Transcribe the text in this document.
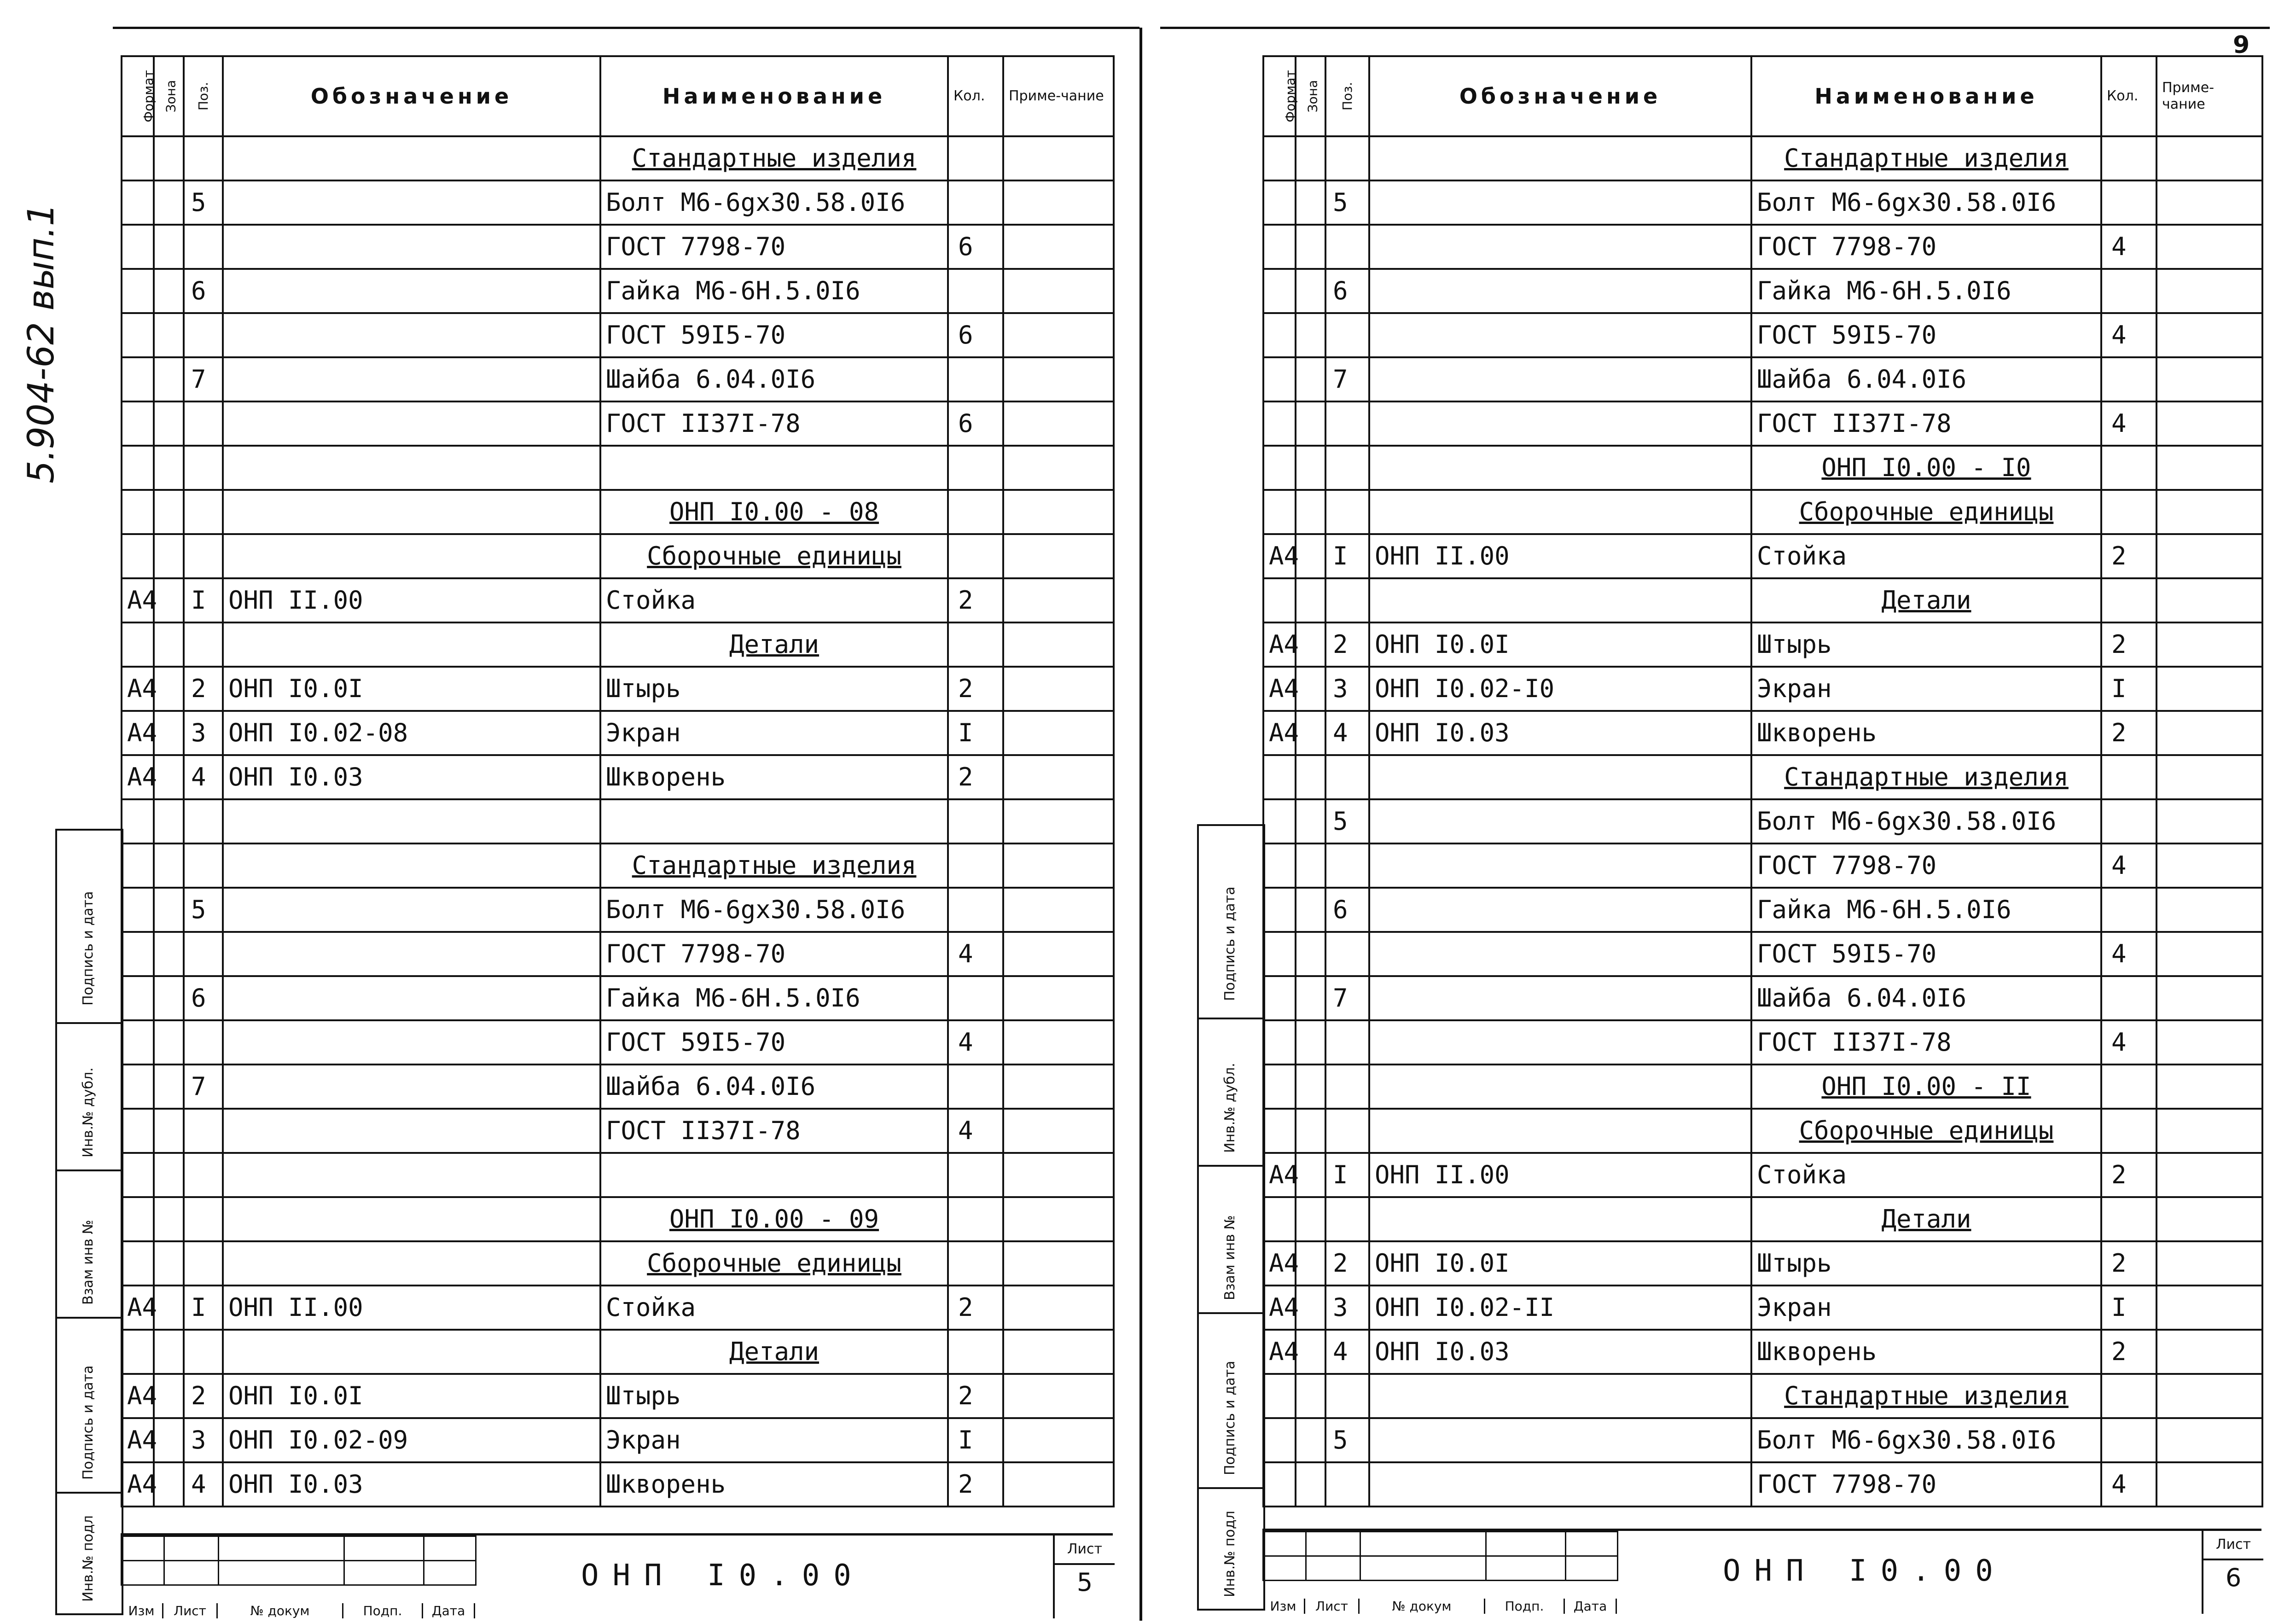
5.904-62 вып.1
Подпись и дата
Инв.№ дубл.
Взам инв №
Подпись и дата
Инв.№ подл
Формат	Зона	Поз.	Обозначение	Наименование	Кол.	Приме-чание
				Стандартные изделия		
		5		Болт М6-6gx30.58.0I6		
				ГОСТ 7798-70	6	
		6		Гайка М6-6Н.5.0I6		
				ГОСТ 59I5-70	6	
		7		Шайба 6.04.0I6		
				ГОСТ II37I-78	6	

				ОНП I0.00 - 08		
				Сборочные единицы		
А4		I	ОНП II.00	Стойка	2	
				Детали		
А4		2	ОНП I0.0I	Штырь	2	
А4		3	ОНП I0.02-08	Экран	I	
А4		4	ОНП I0.03	Шкворень	2	

				Стандартные изделия		
		5		Болт М6-6gx30.58.0I6		
				ГОСТ 7798-70	4	
		6		Гайка М6-6Н.5.0I6		
				ГОСТ 59I5-70	4	
		7		Шайба 6.04.0I6		
				ГОСТ II37I-78	4	

				ОНП I0.00 - 09		
				Сборочные единицы		
А4		I	ОНП II.00	Стойка	2	
				Детали		
А4		2	ОНП I0.0I	Штырь	2	
А4		3	ОНП I0.02-09	Экран	I	
А4		4	ОНП I0.03	Шкворень	2	

Изм	Лист	№ докум	Подп.	Дата
ОНП I0.00
Лист
5
9
Подпись и дата
Инв.№ дубл.
Взам инв №
Подпись и дата
Инв.№ подл
Формат	Зона	Поз.	Обозначение	Наименование	Кол.	Приме-чание
				Стандартные изделия		
		5		Болт М6-6gx30.58.0I6		
				ГОСТ 7798-70	4	
		6		Гайка М6-6Н.5.0I6		
				ГОСТ 59I5-70	4	
		7		Шайба 6.04.0I6		
				ГОСТ II37I-78	4	
				ОНП I0.00 - I0		
				Сборочные единицы		
А4		I	ОНП II.00	Стойка	2	
				Детали		
А4		2	ОНП I0.0I	Штырь	2	
А4		3	ОНП I0.02-I0	Экран	I	
А4		4	ОНП I0.03	Шкворень	2	
				Стандартные изделия		
		5		Болт М6-6gx30.58.0I6		
				ГОСТ 7798-70	4	
		6		Гайка М6-6Н.5.0I6		
				ГОСТ 59I5-70	4	
		7		Шайба 6.04.0I6		
				ГОСТ II37I-78	4	
				ОНП I0.00 - II		
				Сборочные единицы		
А4		I	ОНП II.00	Стойка	2	
				Детали		
А4		2	ОНП I0.0I	Штырь	2	
А4		3	ОНП I0.02-II	Экран	I	
А4		4	ОНП I0.03	Шкворень	2	
				Стандартные изделия		
		5		Болт М6-6gx30.58.0I6		
				ГОСТ 7798-70	4	

Изм	Лист	№ докум	Подп.	Дата
ОНП I0.00
Лист
6
